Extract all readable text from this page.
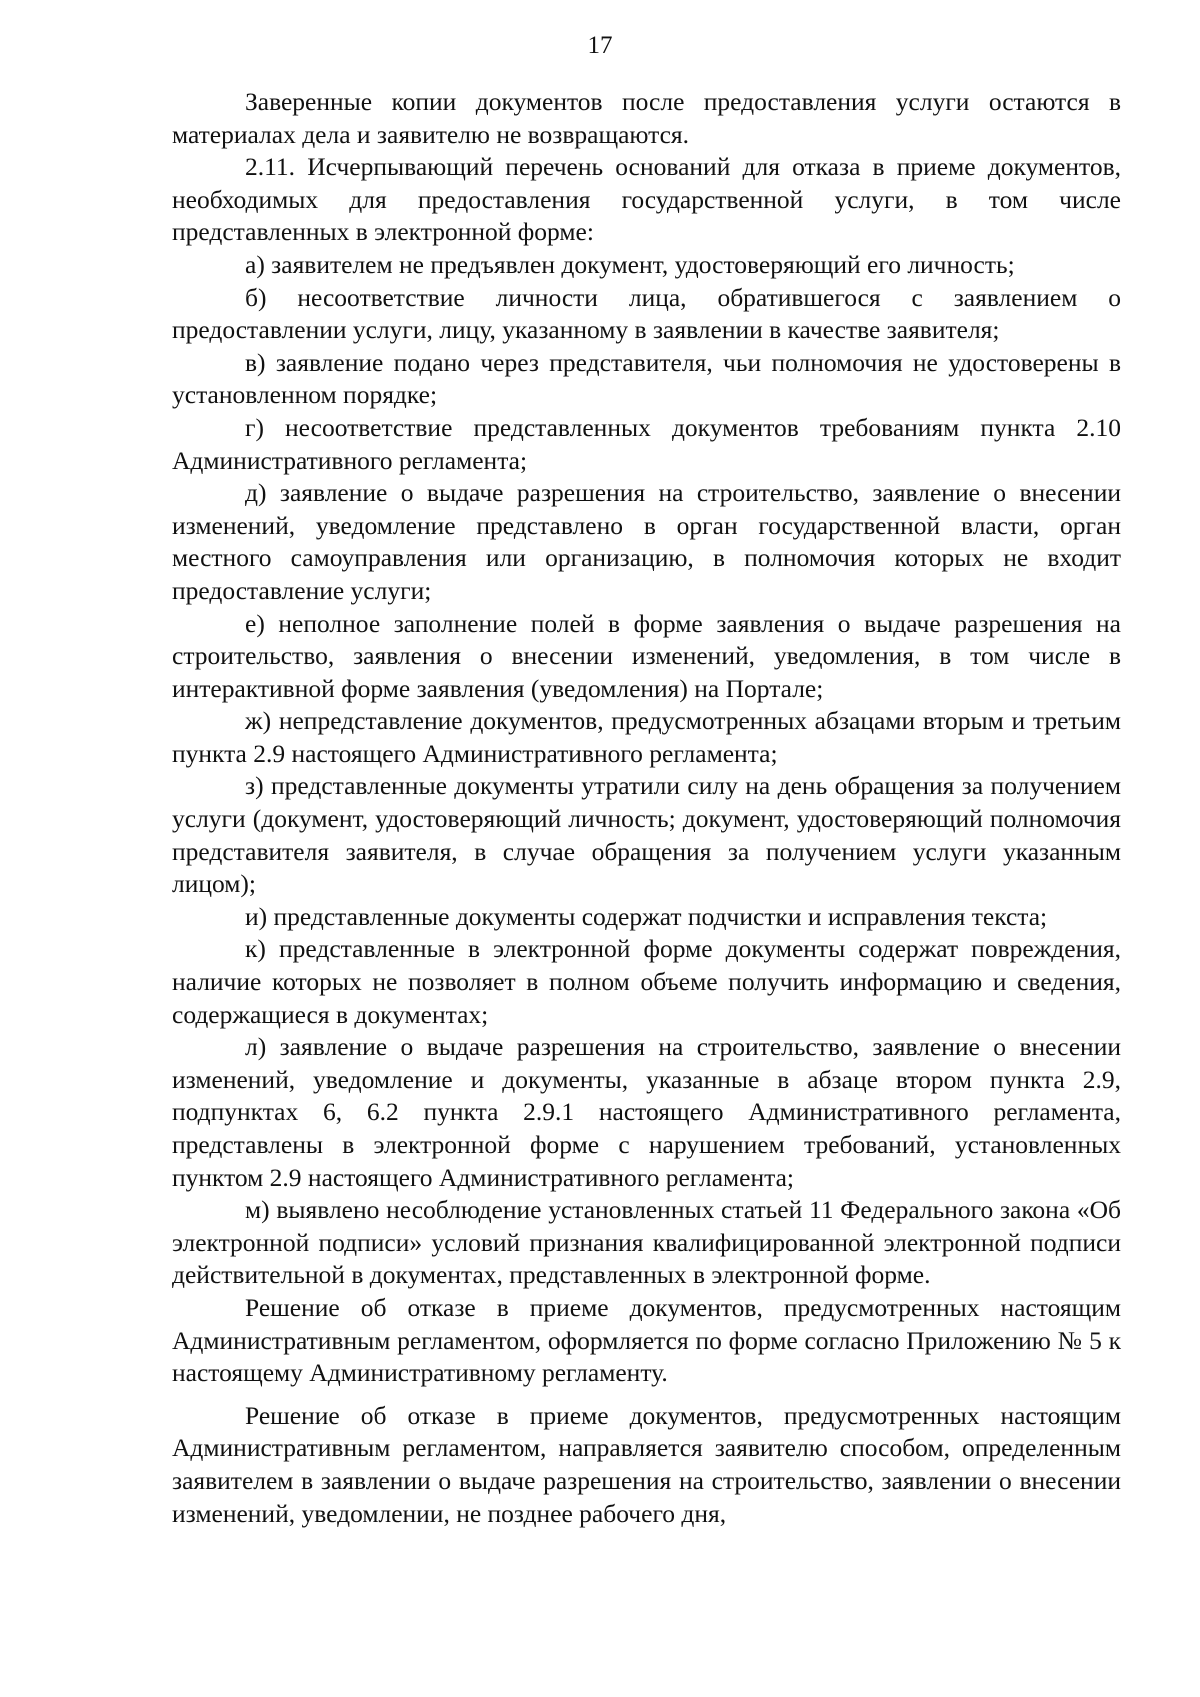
17

Заверенные копии документов после предоставления услуги остаются в материалах дела и заявителю не возвращаются.

2.11. Исчерпывающий перечень оснований для отказа в приеме документов, необходимых для предоставления государственной услуги, в том числе представленных в электронной форме:

а) заявителем не предъявлен документ, удостоверяющий его личность;

б) несоответствие личности лица, обратившегося с заявлением о предоставлении услуги, лицу, указанному в заявлении в качестве заявителя;

в) заявление подано через представителя, чьи полномочия не удостоверены в установленном порядке;

г) несоответствие представленных документов требованиям пункта 2.10 Административного регламента;

д) заявление о выдаче разрешения на строительство, заявление о внесении изменений, уведомление представлено в орган государственной власти, орган местного самоуправления или организацию, в полномочия которых не входит предоставление услуги;

е) неполное заполнение полей в форме заявления о выдаче разрешения на строительство, заявления о внесении изменений, уведомления, в том числе в интерактивной форме заявления (уведомления) на Портале;

ж) непредставление документов, предусмотренных абзацами вторым и третьим пункта 2.9 настоящего Административного регламента;

з) представленные документы утратили силу на день обращения за получением услуги (документ, удостоверяющий личность; документ, удостоверяющий полномочия представителя заявителя, в случае обращения за получением услуги указанным лицом);

и) представленные документы содержат подчистки и исправления текста;

к) представленные в электронной форме документы содержат повреждения, наличие которых не позволяет в полном объеме получить информацию и сведения, содержащиеся в документах;

л) заявление о выдаче разрешения на строительство, заявление о внесении изменений, уведомление и документы, указанные в абзаце втором пункта 2.9, подпунктах 6, 6.2 пункта 2.9.1 настоящего Административного регламента, представлены в электронной форме с нарушением требований, установленных пунктом 2.9 настоящего Административного регламента;

м) выявлено несоблюдение установленных статьей 11 Федерального закона «Об электронной подписи» условий признания квалифицированной электронной подписи действительной в документах, представленных в электронной форме.

Решение об отказе в приеме документов, предусмотренных настоящим Административным регламентом, оформляется по форме согласно Приложению № 5 к настоящему Административному регламенту.

Решение об отказе в приеме документов, предусмотренных настоящим Административным регламентом, направляется заявителю способом, определенным заявителем в заявлении о выдаче разрешения на строительство, заявлении о внесении изменений, уведомлении, не позднее рабочего дня,
